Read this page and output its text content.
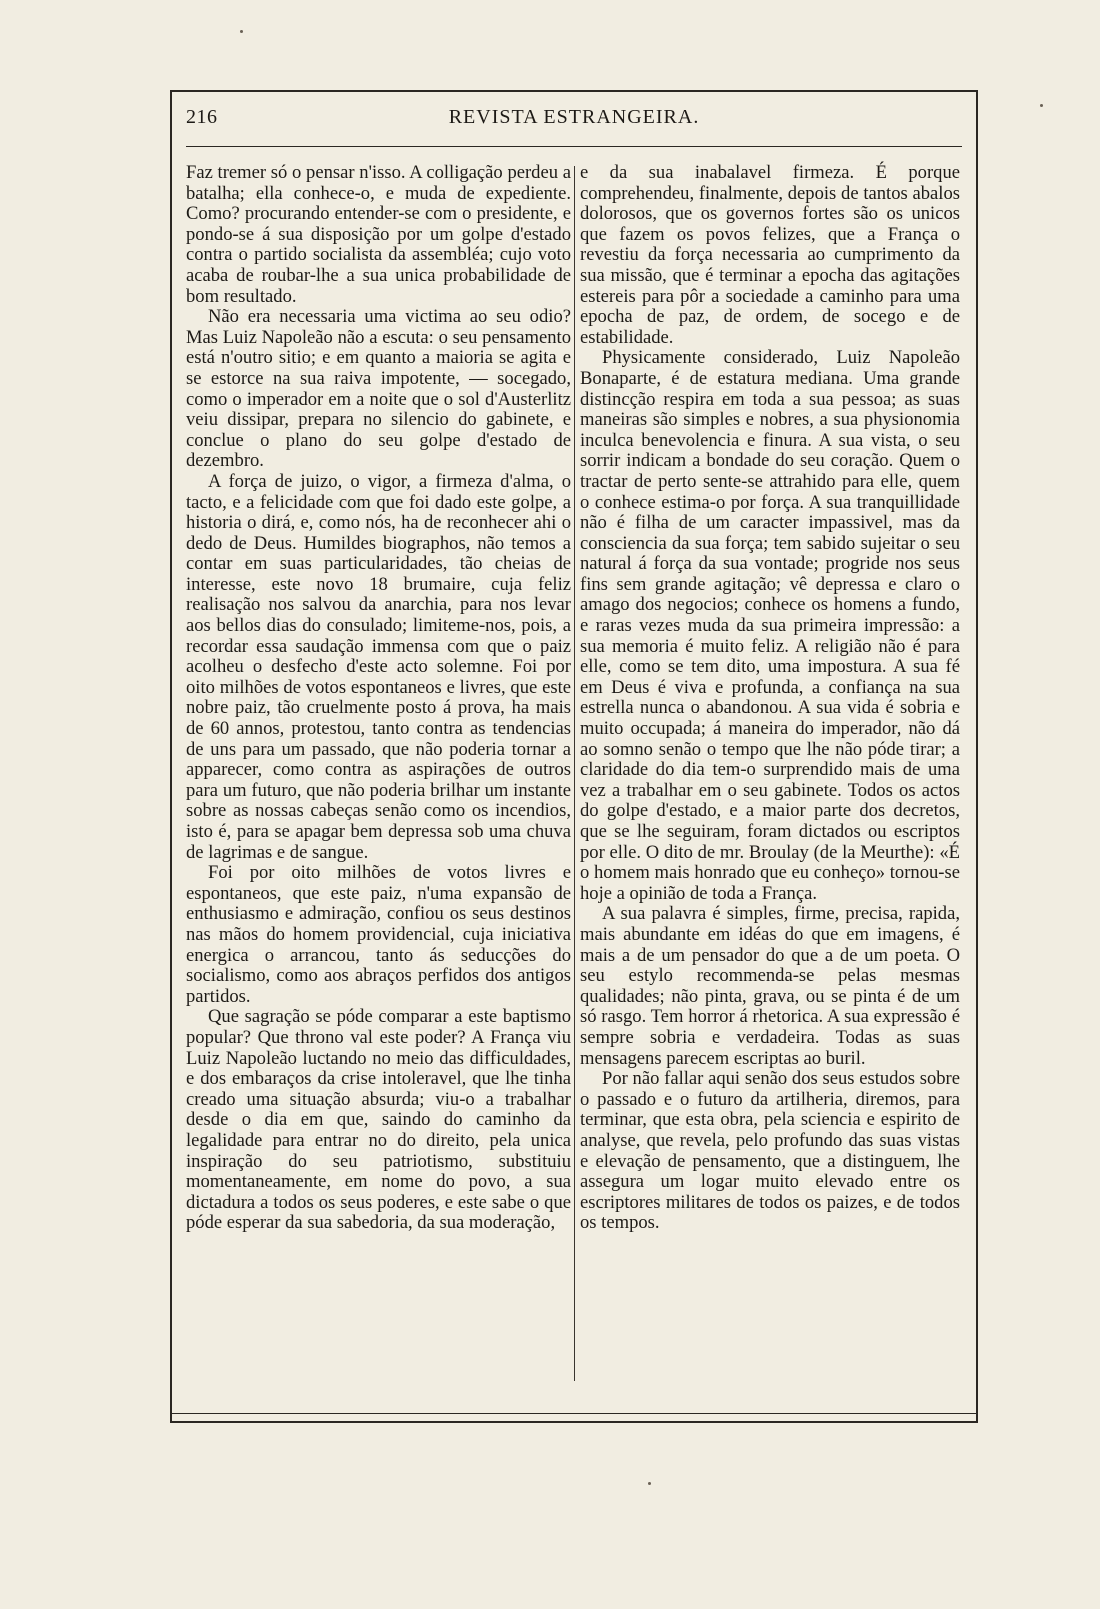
216	REVISTA ESTRANGEIRA.

Faz tremer só o pensar n'isso. A colligação perdeu a batalha; ella conhece-o, e muda de expediente. Como? procurando entender-se com o presidente, e pondo-se á sua disposição por um golpe d'estado contra o partido socialista da assembléa; cujo voto acaba de roubar-lhe a sua unica probabilidade de bom resultado.

Não era necessaria uma victima ao seu odio? Mas Luiz Napoleão não a escuta: o seu pensamento está n'outro sitio; e em quanto a maioria se agita e se estorce na sua raiva impotente, — socegado, como o imperador em a noite que o sol d'Austerlitz veiu dissipar, prepara no silencio do gabinete, e conclue o plano do seu golpe d'estado de dezembro.

A força de juizo, o vigor, a firmeza d'alma, o tacto, e a felicidade com que foi dado este golpe, a historia o dirá, e, como nós, ha de reconhecer ahi o dedo de Deus. Humildes biographos, não temos a contar em suas particularidades, tão cheias de interesse, este novo 18 brumaire, cuja feliz realisação nos salvou da anarchia, para nos levar aos bellos dias do consulado; limiteme-nos, pois, a recordar essa saudação immensa com que o paiz acolheu o desfecho d'este acto solemne. Foi por oito milhões de votos espontaneos e livres, que este nobre paiz, tão cruelmente posto á prova, ha mais de 60 annos, protestou, tanto contra as tendencias de uns para um passado, que não poderia tornar a apparecer, como contra as aspirações de outros para um futuro, que não poderia brilhar um instante sobre as nossas cabeças senão como os incendios, isto é, para se apagar bem depressa sob uma chuva de lagrimas e de sangue.

Foi por oito milhões de votos livres e espontaneos, que este paiz, n'uma expansão de enthusiasmo e admiração, confiou os seus destinos nas mãos do homem providencial, cuja iniciativa energica o arrancou, tanto ás seducções do socialismo, como aos abraços perfidos dos antigos partidos.

Que sagração se póde comparar a este baptismo popular? Que throno val este poder? A França viu Luiz Napoleão luctando no meio das difficuldades, e dos embaraços da crise intoleravel, que lhe tinha creado uma situação absurda; viu-o a trabalhar desde o dia em que, saindo do caminho da legalidade para entrar no do direito, pela unica inspiração do seu patriotismo, substituiu momentaneamente, em nome do povo, a sua dictadura a todos os seus poderes, e este sabe o que póde esperar da sua sabedoria, da sua moderação,

e da sua inabalavel firmeza. É porque comprehendeu, finalmente, depois de tantos abalos dolorosos, que os governos fortes são os unicos que fazem os povos felizes, que a França o revestiu da força necessaria ao cumprimento da sua missão, que é terminar a epocha das agitações estereis para pôr a sociedade a caminho para uma epocha de paz, de ordem, de socego e de estabilidade.

Physicamente considerado, Luiz Napoleão Bonaparte, é de estatura mediana. Uma grande distincção respira em toda a sua pessoa; as suas maneiras são simples e nobres, a sua physionomia inculca benevolencia e finura. A sua vista, o seu sorrir indicam a bondade do seu coração. Quem o tractar de perto sente-se attrahido para elle, quem o conhece estima-o por força. A sua tranquillidade não é filha de um caracter impassivel, mas da consciencia da sua força; tem sabido sujeitar o seu natural á força da sua vontade; progride nos seus fins sem grande agitação; vê depressa e claro o amago dos negocios; conhece os homens a fundo, e raras vezes muda da sua primeira impressão: a sua memoria é muito feliz. A religião não é para elle, como se tem dito, uma impostura. A sua fé em Deus é viva e profunda, a confiança na sua estrella nunca o abandonou. A sua vida é sobria e muito occupada; á maneira do imperador, não dá ao somno senão o tempo que lhe não póde tirar; a claridade do dia tem-o surprendido mais de uma vez a trabalhar em o seu gabinete. Todos os actos do golpe d'estado, e a maior parte dos decretos, que se lhe seguiram, foram dictados ou escriptos por elle. O dito de mr. Broulay (de la Meurthe): «É o homem mais honrado que eu conheço» tornou-se hoje a opinião de toda a França.

A sua palavra é simples, firme, precisa, rapida, mais abundante em idéas do que em imagens, é mais a de um pensador do que a de um poeta. O seu estylo recommenda-se pelas mesmas qualidades; não pinta, grava, ou se pinta é de um só rasgo. Tem horror á rhetorica. A sua expressão é sempre sobria e verdadeira. Todas as suas mensagens parecem escriptas ao buril.

Por não fallar aqui senão dos seus estudos sobre o passado e o futuro da artilheria, diremos, para terminar, que esta obra, pela sciencia e espirito de analyse, que revela, pelo profundo das suas vistas e elevação de pensamento, que a distinguem, lhe assegura um logar muito elevado entre os escriptores militares de todos os paizes, e de todos os tempos.
